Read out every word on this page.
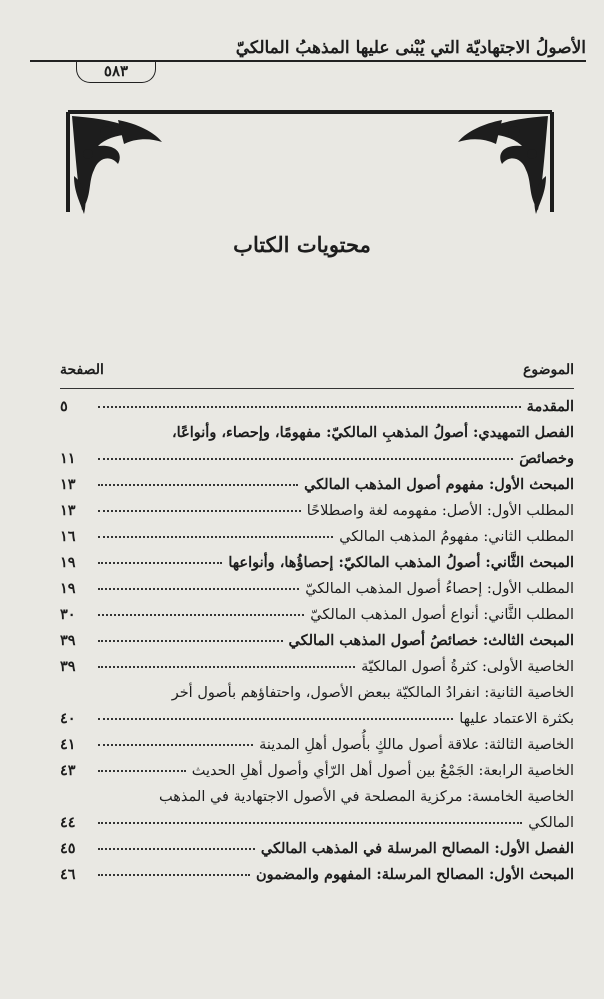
الأصولُ الاجتهاديّة التي يُبْنى عليها المذهبُ المالكيّ
٥٨٣
محتويات الكتاب
الموضوع
الصفحة
المقدمة
٥
الفصل التمهيدي: أصولُ المذهبِ المالكيّ: مفهومًا، وإحصاء، وأنواعًا،
وخصائصَ
١١
المبحث الأول: مفهوم أصول المذهب المالكي
١٣
المطلب الأول: الأصل: مفهومه لغة واصطلاحًا
١٣
المطلب الثاني: مفهومُ المذهب المالكي
١٦
المبحث الثَّاني: أصولُ المذهب المالكيّ: إحصاؤُها، وأنواعها
١٩
المطلب الأول: إحصاءُ أصول المذهب المالكيّ
١٩
المطلب الثَّاني: أنواع أصول المذهب المالكيّ
٣٠
المبحث الثالث: خصائصُ أصول المذهب المالكي
٣٩
الخاصية الأولى: كثرةُ أصول المالكيّة
٣٩
الخاصية الثانية: انفرادُ المالكيّة ببعض الأصول، واحتفاؤهم بأصول أخر
بكثرة الاعتماد عليها
٤٠
الخاصية الثالثة: علاقة أصول مالكٍ بأُصول أهلِ المدينة
٤١
الخاصية الرابعة: الجَمْعُ بين أصول أهل الرّأي وأصول أهلِ الحديث
٤٣
الخاصية الخامسة: مركزية المصلحة في الأصول الاجتهادية في المذهب
المالكي
٤٤
الفصل الأول: المصالح المرسلة في المذهب المالكي
٤٥
المبحث الأول: المصالح المرسلة: المفهوم والمضمون
٤٦
